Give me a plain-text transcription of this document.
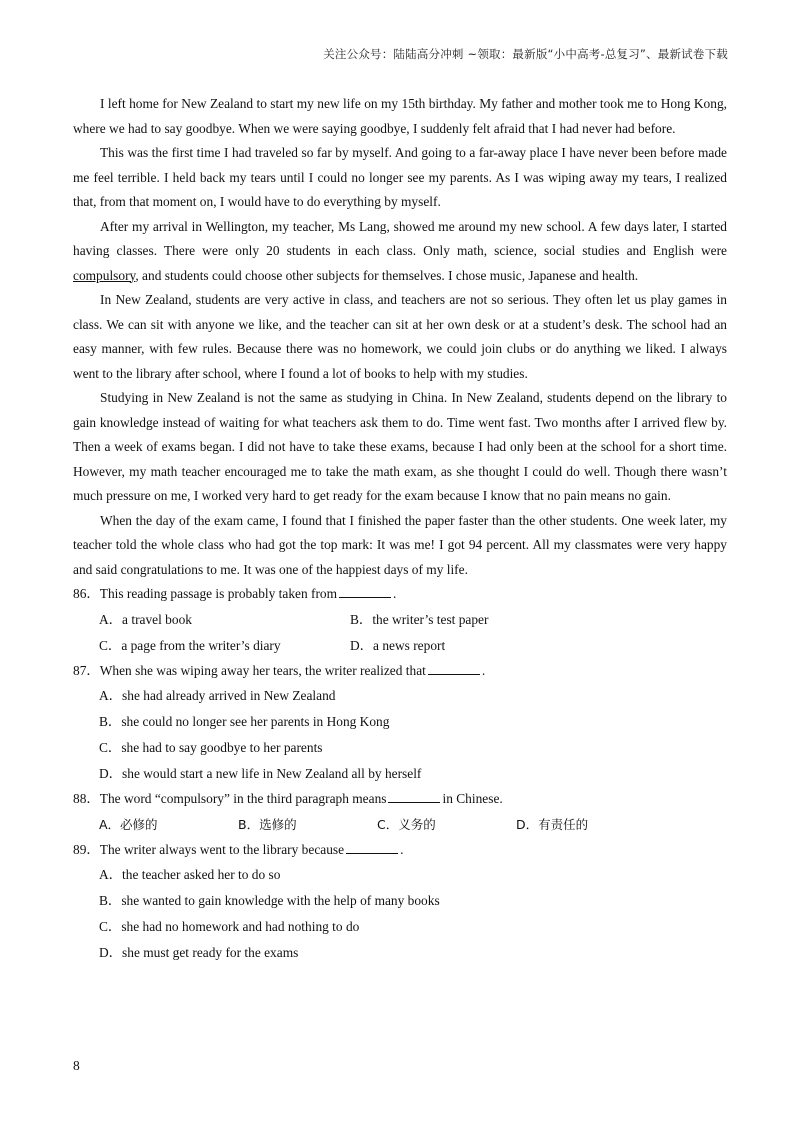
关注公众号：陆陆高分冲刺 ~领取：最新版“小中高考-总复习”、最新试卷下载

I left home for New Zealand to start my new life on my 15th birthday. My father and mother took me to Hong Kong, where we had to say goodbye. When we were saying goodbye, I suddenly felt afraid that I had never had before.

This was the first time I had traveled so far by myself. And going to a far-away place I have never been before made me feel terrible. I held back my tears until I could no longer see my parents. As I was wiping away my tears, I realized that, from that moment on, I would have to do everything by myself.

After my arrival in Wellington, my teacher, Ms Lang, showed me around my new school. A few days later, I started having classes. There were only 20 students in each class. Only math, science, social studies and English were compulsory, and students could choose other subjects for themselves. I chose music, Japanese and health.

In New Zealand, students are very active in class, and teachers are not so serious. They often let us play games in class. We can sit with anyone we like, and the teacher can sit at her own desk or at a student’s desk. The school had an easy manner, with few rules. Because there was no homework, we could join clubs or do anything we liked. I always went to the library after school, where I found a lot of books to help with my studies.

Studying in New Zealand is not the same as studying in China. In New Zealand, students depend on the library to gain knowledge instead of waiting for what teachers ask them to do. Time went fast. Two months after I arrived flew by. Then a week of exams began. I did not have to take these exams, because I had only been at the school for a short time. However, my math teacher encouraged me to take the math exam, as she thought I could do well. Though there wasn’t much pressure on me, I worked very hard to get ready for the exam because I know that no pain means no gain.

When the day of the exam came, I found that I finished the paper faster than the other students. One week later, my teacher told the whole class who had got the top mark: It was me! I got 94 percent. All my classmates were very happy and said congratulations to me. It was one of the happiest days of my life.

86．This reading passage is probably taken from	.

A．a travel book	B．the writer’s test paper
C．a page from the writer’s diary	D．a news report

87．When she was wiping away her tears, the writer realized that	.

A．she had already arrived in New Zealand

B．she could no longer see her parents in Hong Kong

C．she had to say goodbye to her parents

D．she would start a new life in New Zealand all by herself

88．The word “compulsory” in the third paragraph means	in Chinese.

A．必修的	B．选修的	C．义务的	D．有责任的

89．The writer always went to the library because	.

A．the teacher asked her to do so

B．she wanted to gain knowledge with the help of many books

C．she had no homework and had nothing to do

D．she must get ready for the exams

8
